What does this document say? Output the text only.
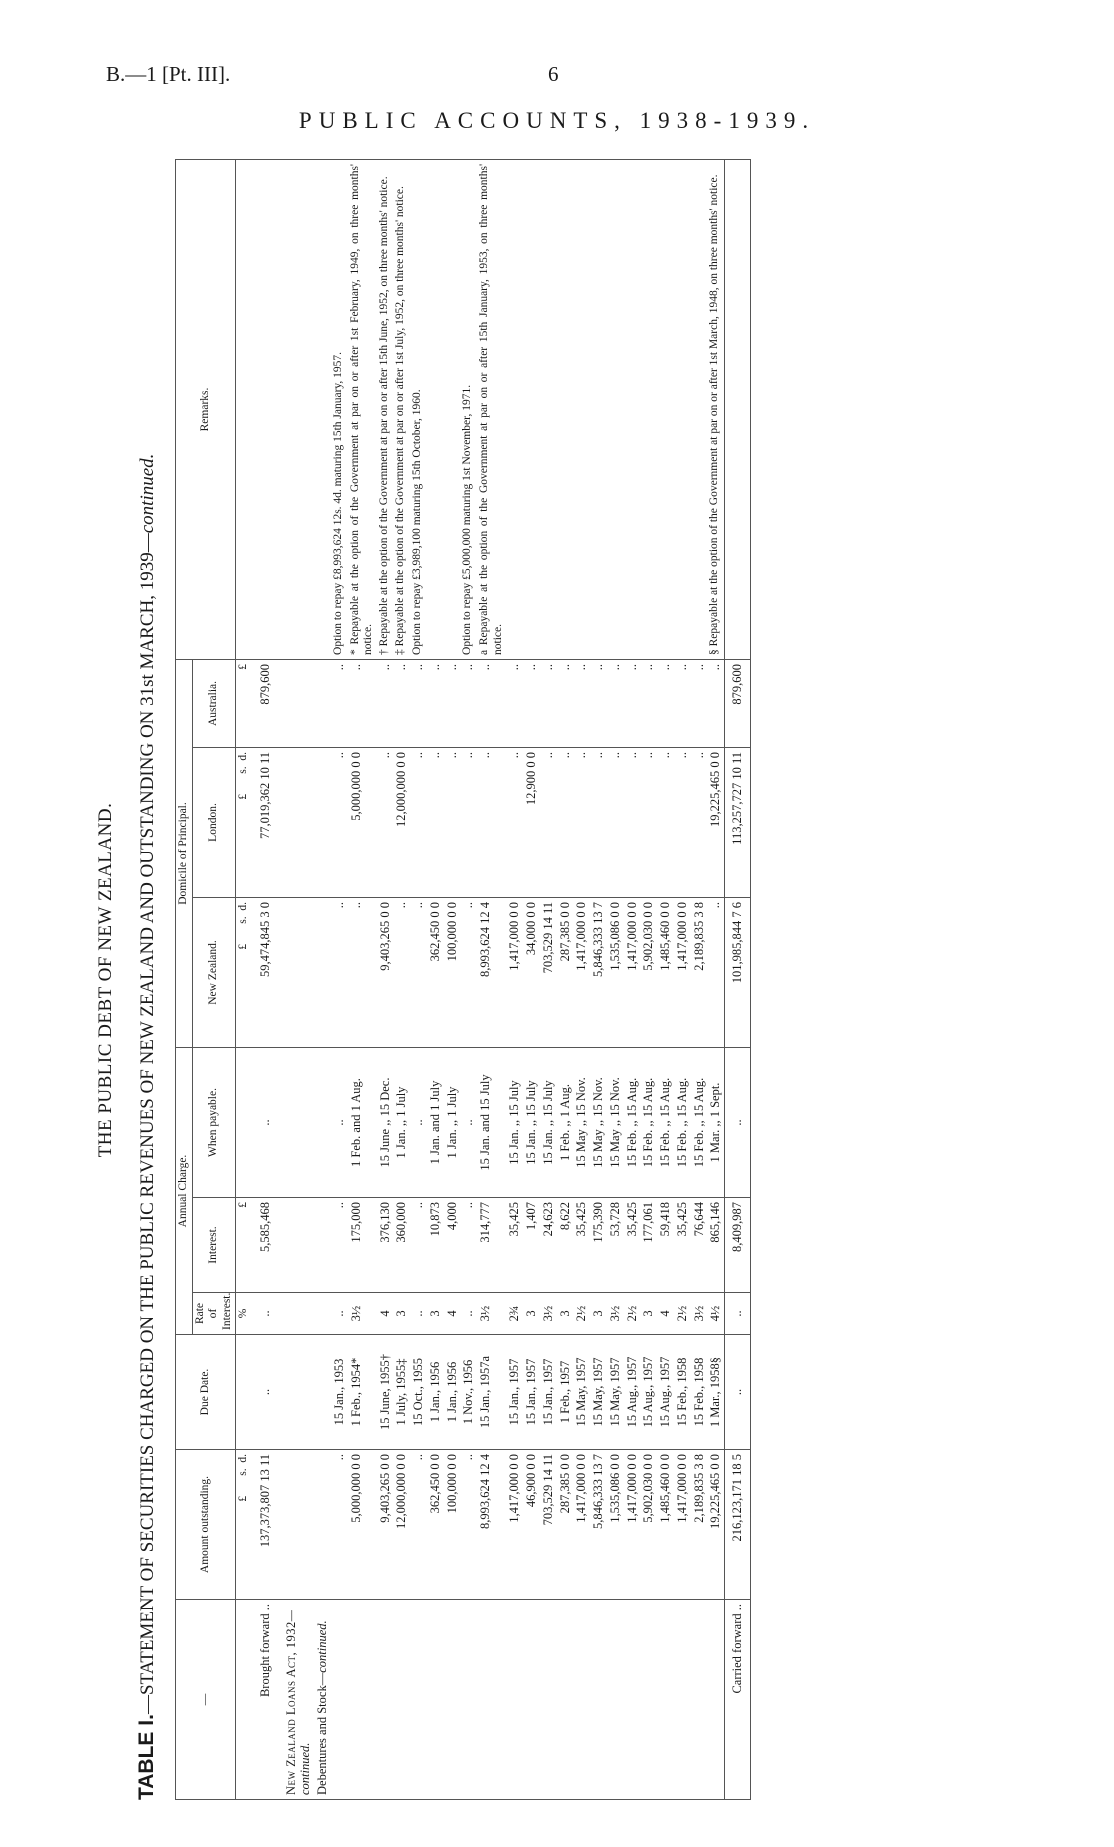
B.—1 [Pt. III].	6
PUBLIC ACCOUNTS, 1938-1939.
THE PUBLIC DEBT OF NEW ZEALAND.
TABLE I.—STATEMENT OF SECURITIES CHARGED ON THE PUBLIC REVENUES OF NEW ZEALAND AND OUTSTANDING ON 31st MARCH, 1939—continued.
—	Amount outstanding.	Due Date.	Annual Charge.			Domicile of Principal.			Remarks.
			Rate of Interest.	Interest.	When payable.	New Zealand.	London.	Australia.	
	£       s.  d.		%	£		£       s.  d.	£       s.  d.	£	
Brought forward ..	137,373,807 13 11	..	..	5,585,468	..	59,474,845 3 0	77,019,362 10 11	879,600	
New Zealand Loans Act, 1932—continued.									
Debentures and Stock—continued.									
	..	15 Jan., 1953	..	..	..	..	..	..	Option to repay £8,993,624 12s. 4d. maturing 15th January, 1957.
	5,000,000 0 0	1 Feb., 1954*	3½	175,000	1 Feb. and 1 Aug.	..	5,000,000 0 0	..	* Repayable at the option of the Government at par on or after 1st February, 1949, on three months' notice.
	9,403,265 0 0	15 June, 1955†	4	376,130	15 June ,, 15 Dec.	9,403,265 0 0	..	..	† Repayable at the option of the Government at par on or after 15th June, 1952, on three months' notice.
	12,000,000 0 0	1 July, 1955‡	3	360,000	1 Jan. ,, 1 July	..	12,000,000 0 0	..	‡ Repayable at the option of the Government at par on or after 1st July, 1952, on three months' notice.
	..	15 Oct., 1955	..	..	..	..	..	..	Option to repay £3,989,100 maturing 15th October, 1960.
	362,450 0 0	1 Jan., 1956	3	10,873	1 Jan. and 1 July	362,450 0 0	..	..	
	100,000 0 0	1 Jan., 1956	4	4,000	1 Jan. ,, 1 July	100,000 0 0	..	..	
	..	1 Nov., 1956	..	..	..	..	..	..	Option to repay £5,000,000 maturing 1st November, 1971.
	8,993,624 12 4	15 Jan., 1957a	3½	314,777	15 Jan. and 15 July	8,993,624 12 4	..	..	a Repayable at the option of the Government at par on or after 15th January, 1953, on three months' notice.
	1,417,000 0 0	15 Jan., 1957	2¾	35,425	15 Jan. ,, 15 July	1,417,000 0 0	..	..	
	46,900 0 0	15 Jan., 1957	3	1,407	15 Jan. ,, 15 July	34,000 0 0	12,900 0 0	..	
	703,529 14 11	15 Jan., 1957	3½	24,623	15 Jan. ,, 15 July	703,529 14 11	..	..	
	287,385 0 0	1 Feb., 1957	3	8,622	1 Feb. ,, 1 Aug.	287,385 0 0	..	..	
	1,417,000 0 0	15 May, 1957	2½	35,425	15 May ,, 15 Nov.	1,417,000 0 0	..	..	
	5,846,333 13 7	15 May, 1957	3	175,390	15 May ,, 15 Nov.	5,846,333 13 7	..	..	
	1,535,086 0 0	15 May, 1957	3½	53,728	15 May ,, 15 Nov.	1,535,086 0 0	..	..	
	1,417,000 0 0	15 Aug., 1957	2½	35,425	15 Feb. ,, 15 Aug.	1,417,000 0 0	..	..	
	5,902,030 0 0	15 Aug., 1957	3	177,061	15 Feb. ,, 15 Aug.	5,902,030 0 0	..	..	
	1,485,460 0 0	15 Aug., 1957	4	59,418	15 Feb. ,, 15 Aug.	1,485,460 0 0	..	..	
	1,417,000 0 0	15 Feb., 1958	2½	35,425	15 Feb. ,, 15 Aug.	1,417,000 0 0	..	..	
	2,189,835 3 8	15 Feb., 1958	3½	76,644	15 Feb. ,, 15 Aug.	2,189,835 3 8	..	..	
	19,225,465 0 0	1 Mar., 1958§	4½	865,146	1 Mar. ,, 1 Sept.	..	19,225,465 0 0	..	§ Repayable at the option of the Government at par on or after 1st March, 1948, on three months' notice.
Carried forward ..	216,123,171 18 5	..	..	8,409,987	..	101,985,844 7 6	113,257,727 10 11	879,600	
